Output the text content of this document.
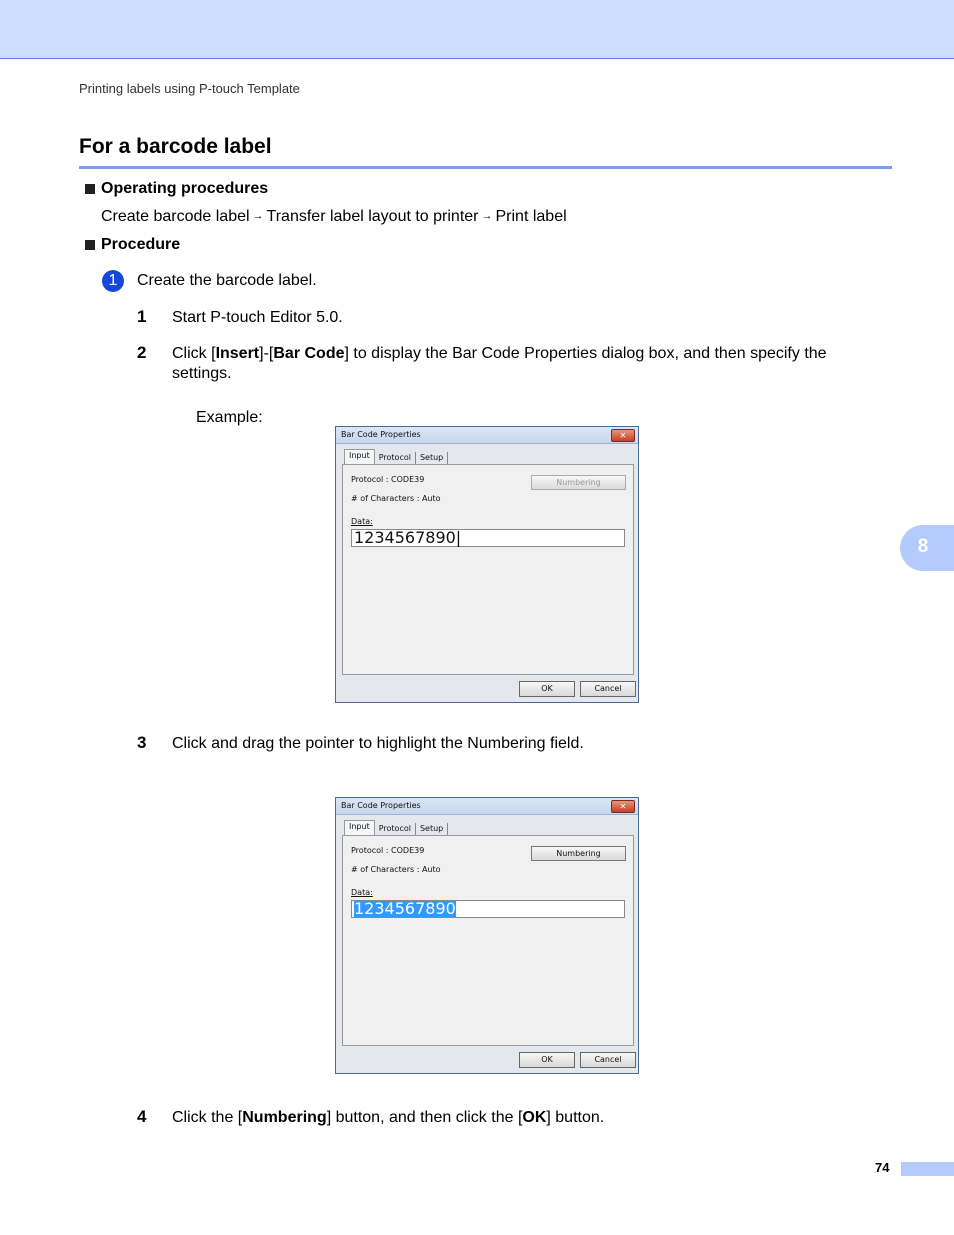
Printing labels using P-touch Template
For a barcode label
Operating procedures
Create barcode label → Transfer label layout to printer → Print label
Procedure
1	Create the barcode label.
1 Start P-touch Editor 5.0.
2 Click [Insert]-[Bar Code] to display the Bar Code Properties dialog box, and then specify the settings.
Example:
Bar Code Properties	✕
Input	Protocol	Setup
Protocol : CODE39
# of Characters : Auto
Numbering
Data:
1234567890|
OK	Cancel
3 Click and drag the pointer to highlight the Numbering field.
Bar Code Properties	✕
Input	Protocol	Setup
Protocol : CODE39
# of Characters : Auto
Numbering
Data:
1234567890
OK	Cancel
4 Click the [Numbering] button, and then click the [OK] button.
8
74
